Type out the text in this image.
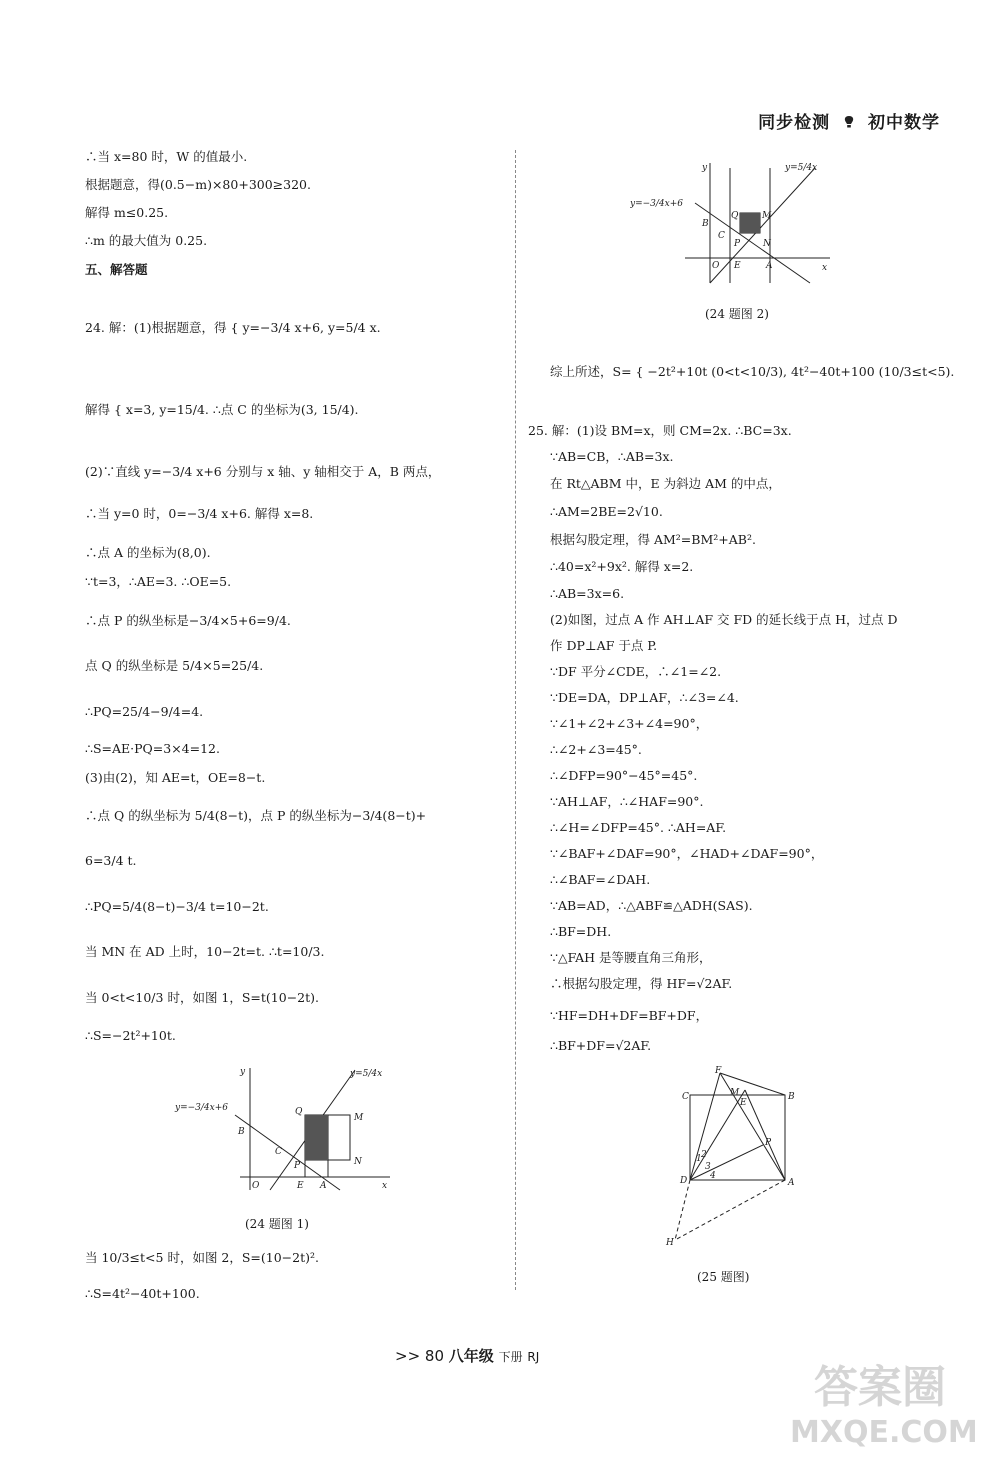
同步检测 初中数学
∴当 x=80 时，W 的值最小.
根据题意，得(0.5−m)×80+300≥320.
解得 m≤0.25.
∴m 的最大值为 0.25.
五、解答题
24. 解：(1)根据题意，得 { y=−3/4 x+6, y=5/4 x.
解得 { x=3, y=15/4. ∴点 C 的坐标为(3, 15/4).
(2)∵直线 y=−3/4 x+6 分别与 x 轴、y 轴相交于 A，B 两点，
∴当 y=0 时，0=−3/4 x+6. 解得 x=8.
∴点 A 的坐标为(8,0).
∵t=3，∴AE=3. ∴OE=5.
∴点 P 的纵坐标是−3/4×5+6=9/4.
点 Q 的纵坐标是 5/4×5=25/4.
∴PQ=25/4−9/4=4.
∴S=AE·PQ=3×4=12.
(3)由(2)，知 AE=t，OE=8−t.
∴点 Q 的纵坐标为 5/4(8−t)，点 P 的纵坐标为−3/4(8−t)+
6=3/4 t.
∴PQ=5/4(8−t)−3/4 t=10−2t.
当 MN 在 AD 上时，10−2t=t. ∴t=10/3.
当 0<t<10/3 时，如图 1，S=t(10−2t).
∴S=−2t²+10t.
当 10/3≤t<5 时，如图 2，S=(10−2t)².
∴S=4t²−40t+100.
y=−3/4x+6
y=5/4x
x
y
O
B
C
Q
M
N
P
E A
(24 题图 1)
y=−3/4x+6
y=5/4x
x
y
O
B
C
Q	M
N
P
E	A
(24 题图 2)
综上所述，S= { −2t²+10t (0<t<10/3), 4t²−40t+100 (10/3≤t<5).
25. 解：(1)设 BM=x，则 CM=2x. ∴BC=3x.
∵AB=CB，∴AB=3x.
在 Rt△ABM 中，E 为斜边 AM 的中点，
∴AM=2BE=2√10.
根据勾股定理，得 AM²=BM²+AB².
∴40=x²+9x². 解得 x=2.
∴AB=3x=6.
(2)如图，过点 A 作 AH⊥AF 交 FD 的延长线于点 H，过点 D
作 DP⊥AF 于点 P.
∵DF 平分∠CDE，∴∠1=∠2.
∵DE=DA，DP⊥AF，∴∠3=∠4.
∵∠1+∠2+∠3+∠4=90°，
∴∠2+∠3=45°.
∴∠DFP=90°−45°=45°.
∵AH⊥AF，∴∠HAF=90°.
∴∠H=∠DFP=45°. ∴AH=AF.
∵∠BAF+∠DAF=90°，∠HAD+∠DAF=90°，
∴∠BAF=∠DAH.
∵AB=AD，∴△ABF≌△ADH(SAS).
∴BF=DH.
∵△FAH 是等腰直角三角形，
∴根据勾股定理，得 HF=√2AF.
∵HF=DH+DF=BF+DF，
∴BF+DF=√2AF.
F
M
E
C	B
P
D	A
H
1 2
3
4
(25 题图)
>> 80 八年级 下册 RJ
答案圈
MXQE.COM
